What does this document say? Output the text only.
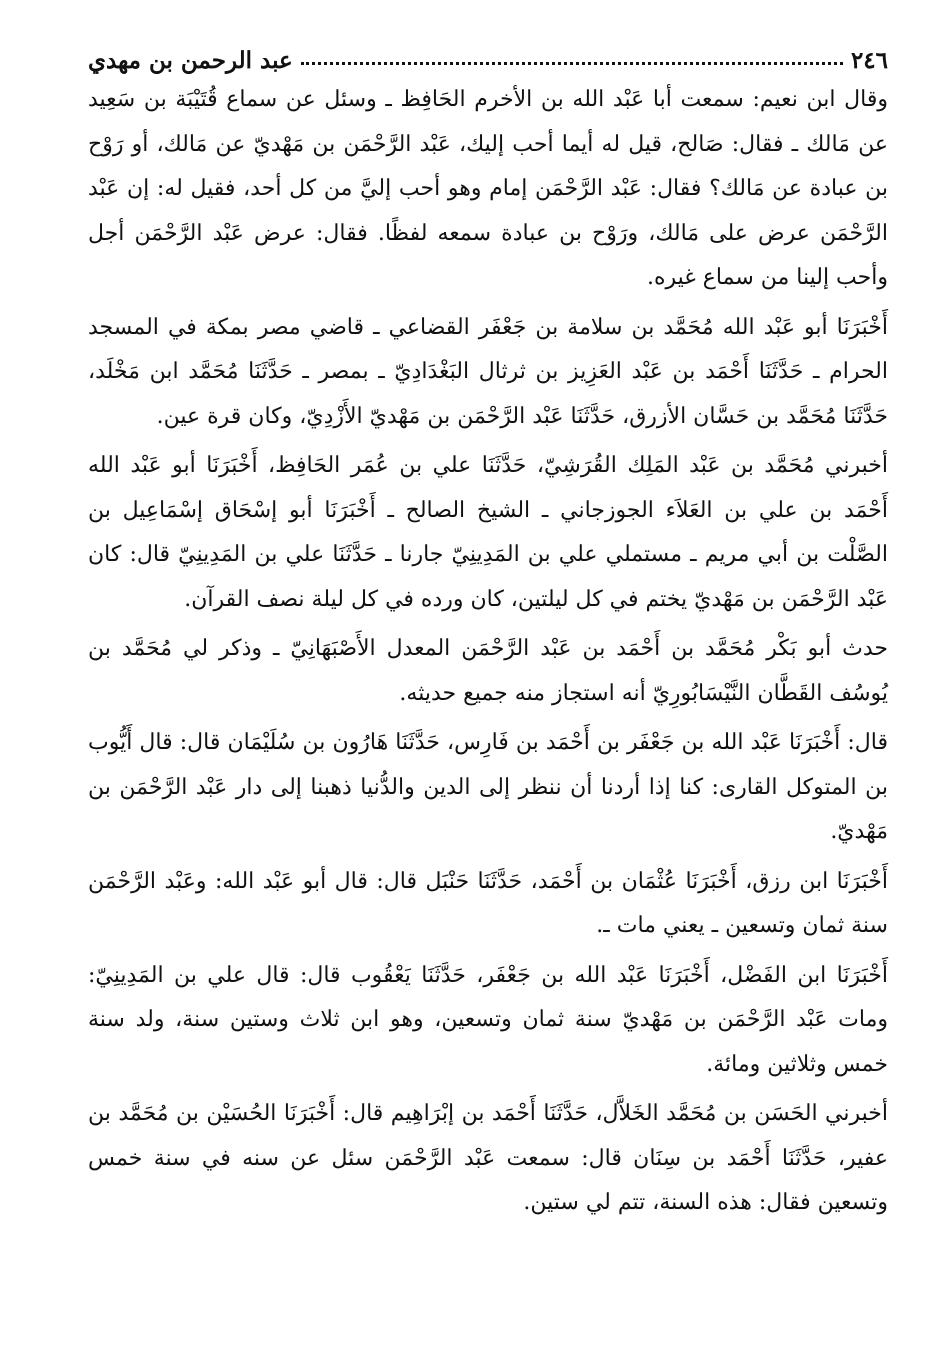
٢٤٦
عبد الرحمن بن مهدي

وقال ابن نعيم: سمعت أبا عَبْد الله بن الأخرم الحَافِظ ـ وسئل عن سماع قُتَيْبَة بن سَعِيد عن مَالك ـ فقال: صَالح، قيل له أيما أحب إليك، عَبْد الرَّحْمَن بن مَهْديّ عن مَالك، أو رَوْح بن عبادة عن مَالك؟ فقال: عَبْد الرَّحْمَن إمام وهو أحب إليَّ من كل أحد، فقيل له: إن عَبْد الرَّحْمَن عرض على مَالك، ورَوْح بن عبادة سمعه لفظًا. فقال: عرض عَبْد الرَّحْمَن أجل وأحب إلينا من سماع غيره.

أَخْبَرَنَا أبو عَبْد الله مُحَمَّد بن سلامة بن جَعْفَر القضاعي ـ قاضي مصر بمكة في المسجد الحرام ـ حَدَّثَنَا أَحْمَد بن عَبْد العَزِيز بن ثرثال البَغْدَادِيّ ـ بمصر ـ حَدَّثَنَا مُحَمَّد ابن مَخْلَد، حَدَّثَنَا مُحَمَّد بن حَسَّان الأزرق، حَدَّثَنَا عَبْد الرَّحْمَن بن مَهْديّ الأَزْدِيّ، وكان قرة عين.

أخبرني مُحَمَّد بن عَبْد المَلِك القُرَشِيّ، حَدَّثَنَا علي بن عُمَر الحَافِظ، أَخْبَرَنَا أبو عَبْد الله أَحْمَد بن علي بن العَلاَء الجوزجاني ـ الشيخ الصالح ـ أَخْبَرَنَا أبو إسْحَاق إسْمَاعِيل بن الصَّلْت بن أبي مريم ـ مستملي علي بن المَدِينِيّ جارنا ـ حَدَّثَنَا علي بن المَدِينِيّ قال: كان عَبْد الرَّحْمَن بن مَهْديّ يختم في كل ليلتين، كان ورده في كل ليلة نصف القرآن.

حدث أبو بَكْر مُحَمَّد بن أَحْمَد بن عَبْد الرَّحْمَن المعدل الأَصْبَهَانِيّ ـ وذكر لي مُحَمَّد بن يُوسُف القَطَّان النَّيْسَابُورِيّ أنه استجاز منه جميع حديثه.

قال: أَخْبَرَنَا عَبْد الله بن جَعْفَر بن أَحْمَد بن فَارِس، حَدَّثَنَا هَارُون بن سُلَيْمَان قال: قال أَيُّوب بن المتوكل القارى: كنا إذا أردنا أن ننظر إلى الدين والدُّنيا ذهبنا إلى دار عَبْد الرَّحْمَن بن مَهْديّ.

أَخْبَرَنَا ابن رزق، أَخْبَرَنَا عُثْمَان بن أَحْمَد، حَدَّثَنَا حَنْبَل قال: قال أبو عَبْد الله: وعَبْد الرَّحْمَن سنة ثمان وتسعين ـ يعني مات ـ.

أَخْبَرَنَا ابن الفَضْل، أَخْبَرَنَا عَبْد الله بن جَعْفَر، حَدَّثَنَا يَعْقُوب قال: قال علي بن المَدِينِيّ: ومات عَبْد الرَّحْمَن بن مَهْديّ سنة ثمان وتسعين، وهو ابن ثلاث وستين سنة، ولد سنة خمس وثلاثين ومائة.

أخبرني الحَسَن بن مُحَمَّد الخَلاَّل، حَدَّثَنَا أَحْمَد بن إبْرَاهِيم قال: أَخْبَرَنَا الحُسَيْن بن مُحَمَّد بن عفير، حَدَّثَنَا أَحْمَد بن سِنَان قال: سمعت عَبْد الرَّحْمَن سئل عن سنه في سنة خمس وتسعين فقال: هذه السنة، تتم لي ستين.
